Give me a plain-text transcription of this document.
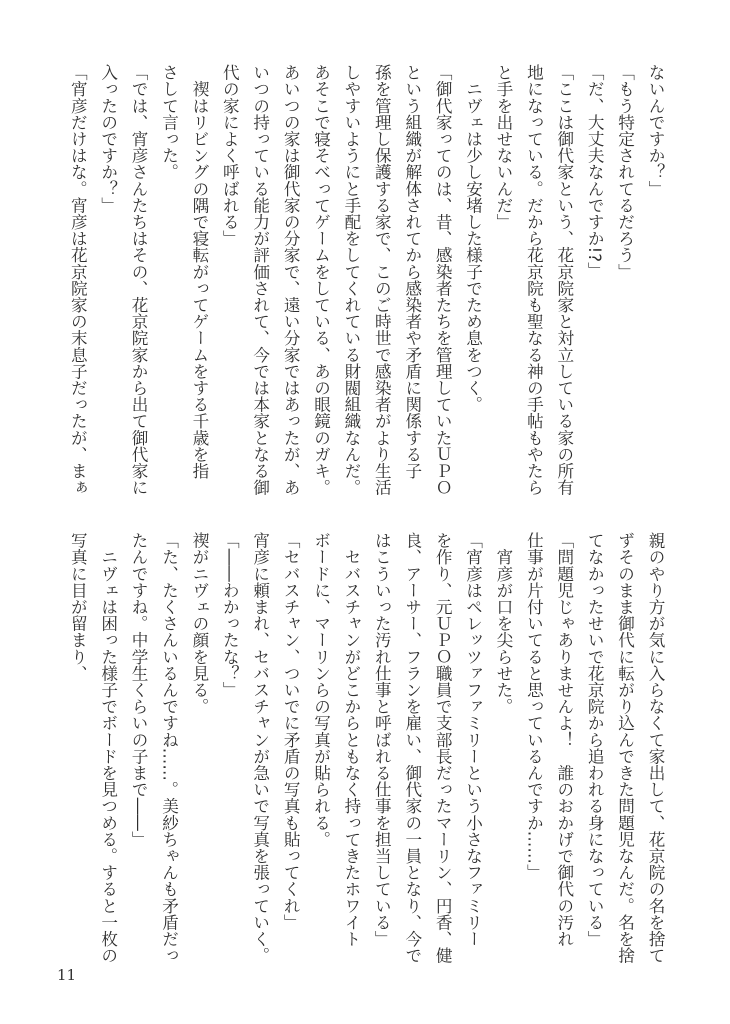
ないんですか？」
「もう特定されてるだろう」
「だ、大丈夫なんですか!?」
「ここは御代家という、花京院家と対立している家の所有
地になっている。だから花京院も聖なる神の手帖もやたら
と手を出せないんだ」
　ニヴェは少し安堵した様子でため息をつく。
「御代家ってのは、昔、感染者たちを管理していたＵＰＯ
という組織が解体されてから感染者や矛盾に関係する子
孫を管理し保護する家で、このご時世で感染者がより生活
しやすいようにと手配をしてくれている財閥組織なんだ。
あそこで寝そべってゲームをしている、あの眼鏡のガキ。
あいつの家は御代家の分家で、遠い分家ではあったが、あ
いつの持っている能力が評価されて、今では本家となる御
代の家によく呼ばれる」
　禊はリビングの隅で寝転がってゲームをする千歳を指
さして言った。
「では、宵彦さんたちはその、花京院家から出て御代家に
入ったのですか？」
「宵彦だけはな。宵彦は花京院家の末息子だったが、まぁ
親のやり方が気に入らなくて家出して、花京院の名を捨て
ずそのまま御代に転がり込んできた問題児なんだ。名を捨
てなかったせいで花京院から追われる身になっている」
「問題児じゃありませんよ！　誰のおかげで御代の汚れ
仕事が片付いてると思っているんですか……」
　宵彦が口を尖らせた。
「宵彦はペレッツァファミリーという小さなファミリー
を作り、元ＵＰＯ職員で支部長だったマーリン、円香、健
良、アーサー、フランを雇い、御代家の一員となり、今で
はこういった汚れ仕事と呼ばれる仕事を担当している」
　セバスチャンがどこからともなく持ってきたホワイト
ボードに、マーリンらの写真が貼られる。
「セバスチャン、ついでに矛盾の写真も貼ってくれ」
宵彦に頼まれ、セバスチャンが急いで写真を張っていく。
「――わかったな？」
禊がニヴェの顔を見る。
「た、たくさんいるんですね……。美紗ちゃんも矛盾だっ
たんですね。中学生くらいの子まで――」
　ニヴェは困った様子でボードを見つめる。すると一枚の
写真に目が留まり、
11
